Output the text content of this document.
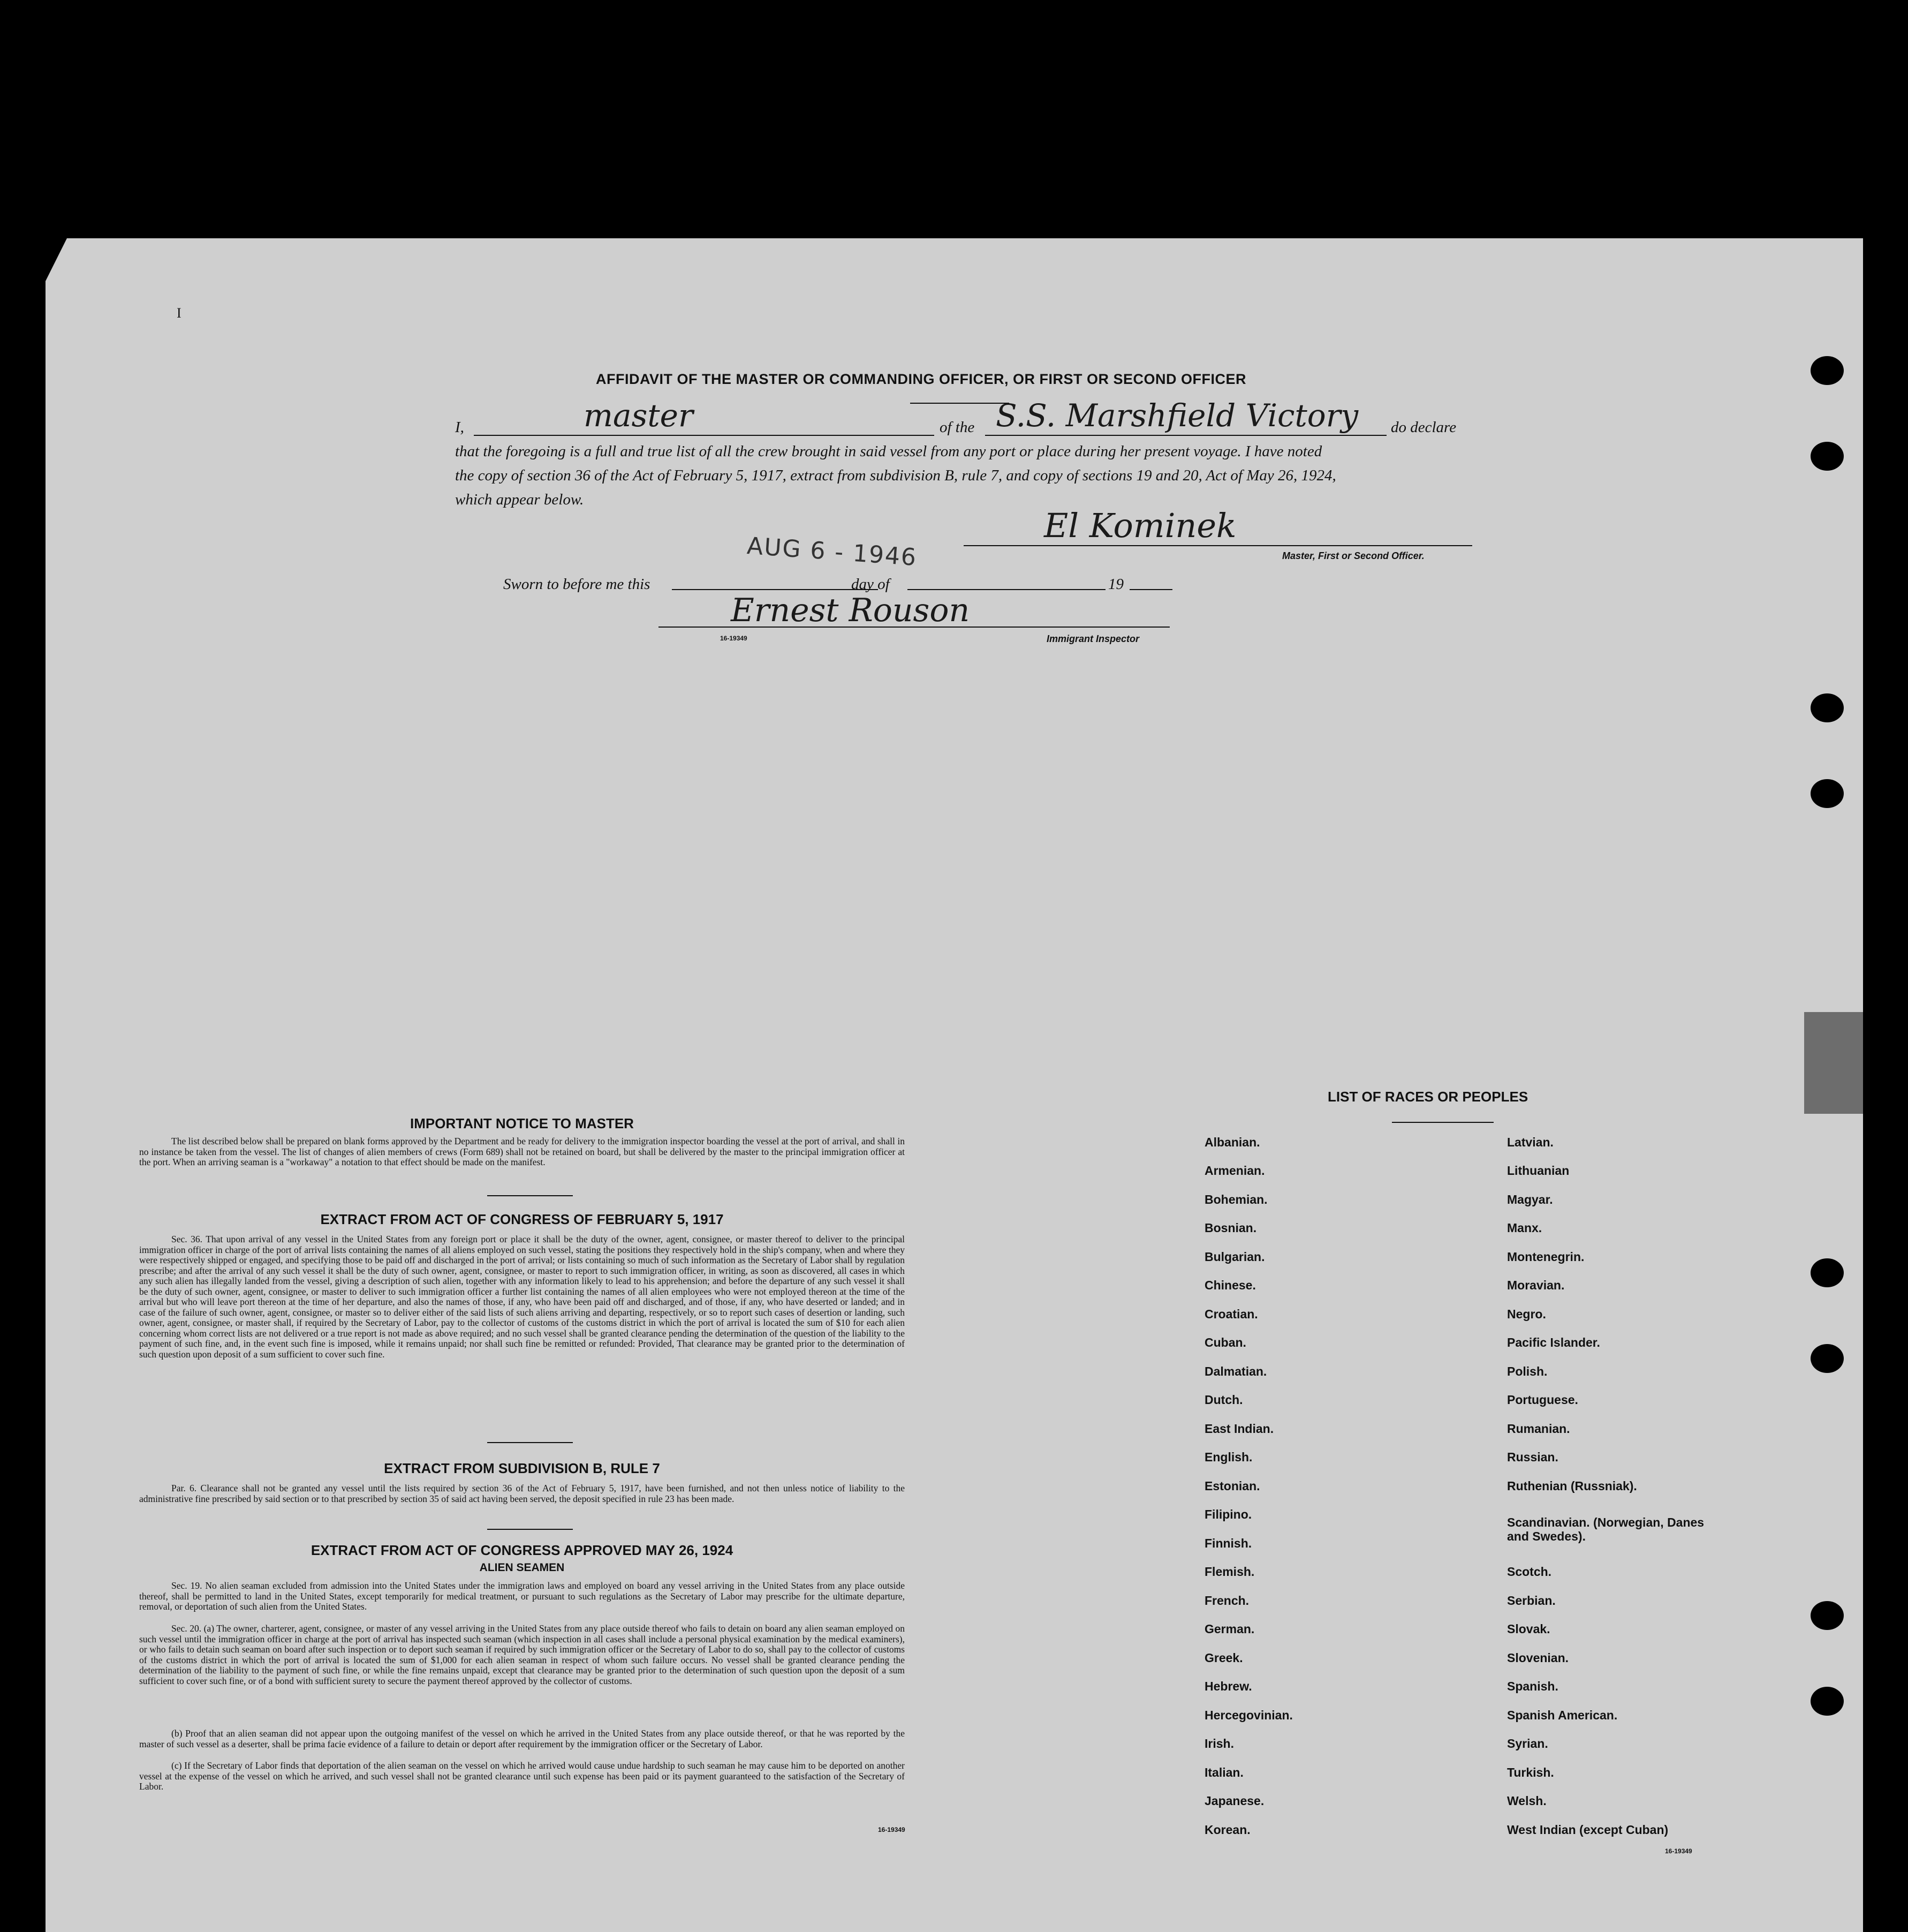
I
AFFIDAVIT OF THE MASTER OR COMMANDING OFFICER, OR FIRST OR SECOND OFFICER
I,	master	of the S.S. Marshfield Victory do declare
that the foregoing is a full and true list of all the crew brought in said vessel from any port or place during her present voyage. I have noted
the copy of section 36 of the Act of February 5, 1917, extract from subdivision B, rule 7, and copy of sections 19 and 20, Act of May 26, 1924,
which appear below.
El Kominek
Master, First or Second Officer.
AUG 6 - 1946
Sworn to before me this	day of	19
Ernest Rouson
16-19349	Immigrant Inspector
IMPORTANT NOTICE TO MASTER
The list described below shall be prepared on blank forms approved by the Department and be ready for delivery to the immigration inspector boarding the vessel at the port of arrival, and shall in no instance be taken from the vessel. The list of changes of alien members of crews (Form 689) shall not be retained on board, but shall be delivered by the master to the principal immigration officer at the port. When an arriving seaman is a "workaway" a notation to that effect should be made on the manifest.
EXTRACT FROM ACT OF CONGRESS OF FEBRUARY 5, 1917
Sec. 36. That upon arrival of any vessel in the United States from any foreign port or place it shall be the duty of the owner, agent, consignee, or master thereof to deliver to the principal immigration officer in charge of the port of arrival lists containing the names of all aliens employed on such vessel, stating the positions they respectively hold in the ship's company, when and where they were respectively shipped or engaged, and specifying those to be paid off and discharged in the port of arrival; or lists containing so much of such information as the Secretary of Labor shall by regulation prescribe; and after the arrival of any such vessel it shall be the duty of such owner, agent, consignee, or master to report to such immigration officer, in writing, as soon as discovered, all cases in which any such alien has illegally landed from the vessel, giving a description of such alien, together with any information likely to lead to his apprehension; and before the departure of any such vessel it shall be the duty of such owner, agent, consignee, or master to deliver to such immigration officer a further list containing the names of all alien employees who were not employed thereon at the time of the arrival but who will leave port thereon at the time of her departure, and also the names of those, if any, who have been paid off and discharged, and of those, if any, who have deserted or landed; and in case of the failure of such owner, agent, consignee, or master so to deliver either of the said lists of such aliens arriving and departing, respectively, or so to report such cases of desertion or landing, such owner, agent, consignee, or master shall, if required by the Secretary of Labor, pay to the collector of customs of the customs district in which the port of arrival is located the sum of $10 for each alien concerning whom correct lists are not delivered or a true report is not made as above required; and no such vessel shall be granted clearance pending the determination of the question of the liability to the payment of such fine, and, in the event such fine is imposed, while it remains unpaid; nor shall such fine be remitted or refunded: Provided, That clearance may be granted prior to the determination of such question upon deposit of a sum sufficient to cover such fine.
EXTRACT FROM SUBDIVISION B, RULE 7
Par. 6. Clearance shall not be granted any vessel until the lists required by section 36 of the Act of February 5, 1917, have been furnished, and not then unless notice of liability to the administrative fine prescribed by said section or to that prescribed by section 35 of said act having been served, the deposit specified in rule 23 has been made.
EXTRACT FROM ACT OF CONGRESS APPROVED MAY 26, 1924
ALIEN SEAMEN
Sec. 19. No alien seaman excluded from admission into the United States under the immigration laws and employed on board any vessel arriving in the United States from any place outside thereof, shall be permitted to land in the United States, except temporarily for medical treatment, or pursuant to such regulations as the Secretary of Labor may prescribe for the ultimate departure, removal, or deportation of such alien from the United States.
Sec. 20. (a) The owner, charterer, agent, consignee, or master of any vessel arriving in the United States from any place outside thereof who fails to detain on board any alien seaman employed on such vessel until the immigration officer in charge at the port of arrival has inspected such seaman (which inspection in all cases shall include a personal physical examination by the medical examiners), or who fails to detain such seaman on board after such inspection or to deport such seaman if required by such immigration officer or the Secretary of Labor to do so, shall pay to the collector of customs of the customs district in which the port of arrival is located the sum of $1,000 for each alien seaman in respect of whom such failure occurs. No vessel shall be granted clearance pending the determination of the liability to the payment of such fine, or while the fine remains unpaid, except that clearance may be granted prior to the determination of such question upon the deposit of a sum sufficient to cover such fine, or of a bond with sufficient surety to secure the payment thereof approved by the collector of customs.
(b) Proof that an alien seaman did not appear upon the outgoing manifest of the vessel on which he arrived in the United States from any place outside thereof, or that he was reported by the master of such vessel as a deserter, shall be prima facie evidence of a failure to detain or deport after requirement by the immigration officer or the Secretary of Labor.
(c) If the Secretary of Labor finds that deportation of the alien seaman on the vessel on which he arrived would cause undue hardship to such seaman he may cause him to be deported on another vessel at the expense of the vessel on which he arrived, and such vessel shall not be granted clearance until such expense has been paid or its payment guaranteed to the satisfaction of the Secretary of Labor.
16-19349
LIST OF RACES OR PEOPLES
Albanian.
Armenian.
Bohemian.
Bosnian.
Bulgarian.
Chinese.
Croatian.
Cuban.
Dalmatian.
Dutch.
East Indian.
English.
Estonian.
Filipino.
Finnish.
Flemish.
French.
German.
Greek.
Hebrew.
Hercegovinian.
Irish.
Italian.
Japanese.
Korean.
Latvian.
Lithuanian
Magyar.
Manx.
Montenegrin.
Moravian.
Negro.
Pacific Islander.
Polish.
Portuguese.
Rumanian.
Russian.
Ruthenian (Russniak).
Scandinavian. (Norwegian, Danes and Swedes).
Scotch.
Serbian.
Slovak.
Slovenian.
Spanish.
Spanish American.
Syrian.
Turkish.
Welsh.
West Indian (except Cuban)
16-19349
